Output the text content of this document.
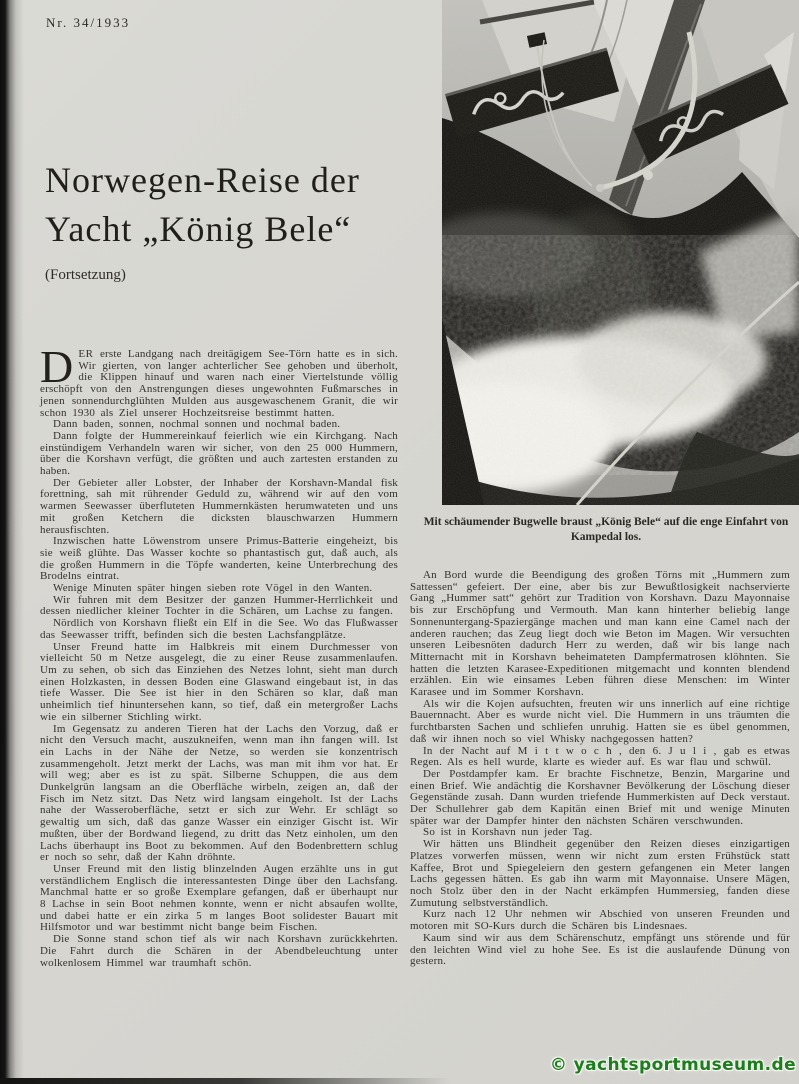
Nr. 34/1933
Norwegen-Reise der
Yacht „König Bele“
(Fortsetzung)
Mit schäumender Bugwelle braust „König Bele“ auf die enge Einfahrt von Kampedal los.

DER erste Landgang nach dreitägigem See-Törn hatte es in sich. Wir gierten, von langer achterlicher See gehoben und überholt, die Klippen hinauf und waren nach einer Viertelstunde völlig erschöpft von den Anstrengungen dieses ungewohnten Fußmarsches in jenen sonnendurchglühten Mulden aus ausgewaschenem Granit, die wir schon 1930 als Ziel unserer Hochzeitsreise bestimmt hatten.

Dann baden, sonnen, nochmal sonnen und nochmal baden.

Dann folgte der Hummereinkauf feierlich wie ein Kirchgang. Nach einstündigem Verhandeln waren wir sicher, von den 25 000 Hummern, über die Korshavn verfügt, die größten und auch zartesten erstanden zu haben.

Der Gebieter aller Lobster, der Inhaber der Korshavn-Mandal fisk forettning, sah mit rührender Geduld zu, während wir auf den vom warmen Seewasser überfluteten Hummernkästen herumwateten und uns mit großen Ketchern die dicksten blauschwarzen Hummern herausfischten.

Inzwischen hatte Löwenstrom unsere Primus-Batterie eingeheizt, bis sie weiß glühte. Das Wasser kochte so phantastisch gut, daß auch, als die großen Hummern in die Töpfe wanderten, keine Unterbrechung des Brodelns eintrat.

Wenige Minuten später hingen sieben rote Vögel in den Wanten.

Wir fuhren mit dem Besitzer der ganzen Hummer-Herrlichkeit und dessen niedlicher kleiner Tochter in die Schären, um Lachse zu fangen.

Nördlich von Korshavn fließt ein Elf in die See. Wo das Flußwasser das Seewasser trifft, befinden sich die besten Lachsfangplätze.

Unser Freund hatte im Halbkreis mit einem Durchmesser von vielleicht 50 m Netze ausgelegt, die zu einer Reuse zusammenlaufen. Um zu sehen, ob sich das Einziehen des Netzes lohnt, sieht man durch einen Holzkasten, in dessen Boden eine Glaswand eingebaut ist, in das tiefe Wasser. Die See ist hier in den Schären so klar, daß man unheimlich tief hinuntersehen kann, so tief, daß ein metergroßer Lachs wie ein silberner Stichling wirkt.

Im Gegensatz zu anderen Tieren hat der Lachs den Vorzug, daß er nicht den Versuch macht, auszukneifen, wenn man ihn fangen will. Ist ein Lachs in der Nähe der Netze, so werden sie konzentrisch zusammengeholt. Jetzt merkt der Lachs, was man mit ihm vor hat. Er will weg; aber es ist zu spät. Silberne Schuppen, die aus dem Dunkelgrün langsam an die Oberfläche wirbeln, zeigen an, daß der Fisch im Netz sitzt. Das Netz wird langsam eingeholt. Ist der Lachs nahe der Wasseroberfläche, setzt er sich zur Wehr. Er schlägt so gewaltig um sich, daß das ganze Wasser ein einziger Gischt ist. Wir mußten, über der Bordwand liegend, zu dritt das Netz einholen, um den Lachs überhaupt ins Boot zu bekommen. Auf den Bodenbrettern schlug er noch so sehr, daß der Kahn dröhnte.

Unser Freund mit den listig blinzelnden Augen erzählte uns in gut verständlichem Englisch die interessantesten Dinge über den Lachsfang. Manchmal hatte er so große Exemplare gefangen, daß er überhaupt nur 8 Lachse in sein Boot nehmen konnte, wenn er nicht absaufen wollte, und dabei hatte er ein zirka 5 m langes Boot solidester Bauart mit Hilfsmotor und war bestimmt nicht bange beim Fischen.

Die Sonne stand schon tief als wir nach Korshavn zurückkehrten. Die Fahrt durch die Schären in der Abendbeleuchtung unter wolkenlosem Himmel war traumhaft schön.

An Bord wurde die Beendigung des großen Törns mit „Hummern zum Sattessen“ gefeiert. Der eine, aber bis zur Bewußtlosigkeit nachservierte Gang „Hummer satt“ gehört zur Tradition von Korshavn. Dazu Mayonnaise bis zur Erschöpfung und Vermouth. Man kann hinterher beliebig lange Sonnenuntergang-Spaziergänge machen und man kann eine Camel nach der anderen rauchen; das Zeug liegt doch wie Beton im Magen. Wir versuchten unseren Leibesnöten dadurch Herr zu werden, daß wir bis lange nach Mitternacht mit in Korshavn beheimateten Dampfermatrosen klöhnten. Sie hatten die letzten Karasee-Expeditionen mitgemacht und konnten blendend erzählen. Ein wie einsames Leben führen diese Menschen: im Winter Karasee und im Sommer Korshavn.

Als wir die Kojen aufsuchten, freuten wir uns innerlich auf eine richtige Bauernnacht. Aber es wurde nicht viel. Die Hummern in uns träumten die furchtbarsten Sachen und schliefen unruhig. Hatten sie es übel genommen, daß wir ihnen noch so viel Whisky nachgegossen hatten?

In der Nacht auf M i t t w o c h , den 6. J u l i , gab es etwas Regen. Als es hell wurde, klarte es wieder auf. Es war flau und schwül.

Der Postdampfer kam. Er brachte Fischnetze, Benzin, Margarine und einen Brief. Wie andächtig die Korshavner Bevölkerung der Löschung dieser Gegenstände zusah. Dann wurden triefende Hummerkisten auf Deck verstaut. Der Schullehrer gab dem Kapitän einen Brief mit und wenige Minuten später war der Dampfer hinter den nächsten Schären verschwunden.

So ist in Korshavn nun jeder Tag.

Wir hätten uns Blindheit gegenüber den Reizen dieses einzigartigen Platzes vorwerfen müssen, wenn wir nicht zum ersten Frühstück statt Kaffee, Brot und Spiegeleiern den gestern gefangenen ein Meter langen Lachs gegessen hätten. Es gab ihn warm mit Mayonnaise. Unsere Mägen, noch Stolz über den in der Nacht erkämpfen Hummersieg, fanden diese Zumutung selbstverständlich.

Kurz nach 12 Uhr nehmen wir Abschied von unseren Freunden und motoren mit SO-Kurs durch die Schären bis Lindesnaes.

Kaum sind wir aus dem Schärenschutz, empfängt uns störende und für den leichten Wind viel zu hohe See. Es ist die auslaufende Dünung von gestern.

© yachtsportmuseum.de
